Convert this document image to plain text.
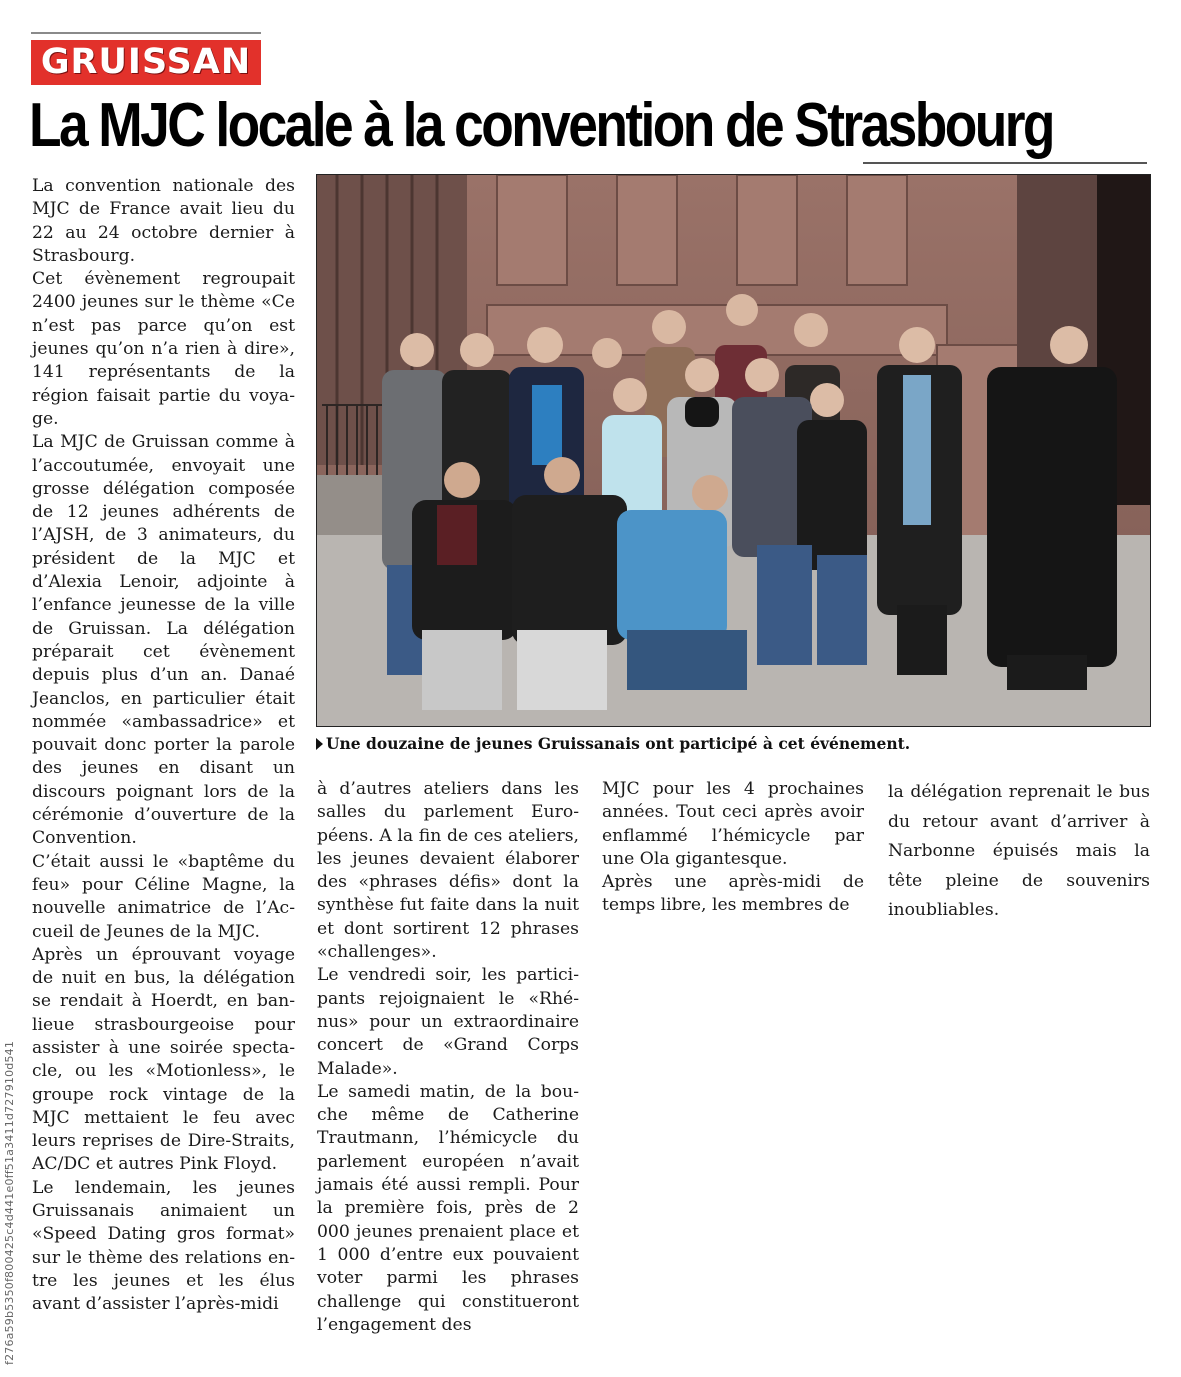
GRUISSAN
La MJC locale à la convention de Strasbourg

La convention nationale des MJC de France avait lieu du 22 au 24 octobre dernier à Strasbourg.

Cet évènement regroupait 2400 jeunes sur le thème «Ce n’est pas parce qu’on est jeunes qu’on n’a rien à dire», 141 représentants de la région faisait partie du voyage.

La MJC de Gruissan comme à l’accoutumée, envoyait une grosse délégation composée de 12 jeunes adhérents de l’AJSH, de 3 animateurs, du président de la MJC et d’Alexia Lenoir, adjointe à l’enfance jeunesse de la ville de Gruissan. La délégation préparait cet évènement depuis plus d’un an. Danaé Jeanclos, en particulier était nommée «ambassadrice» et pouvait donc porter la parole des jeunes en disant un discours poignant lors de la cérémonie d’ouverture de la Convention.

C’était aussi le «baptême du feu» pour Céline Magne, la nouvelle animatrice de l’Accueil de Jeunes de la MJC.

Après un éprouvant voyage de nuit en bus, la délégation se rendait à Hoerdt, en banlieue strasbourgeoise pour assister à une soirée spectacle, ou les «Motionless», le groupe rock vintage de la MJC mettaient le feu avec leurs reprises de Dire-Straits, AC/DC et autres Pink Floyd.

Le lendemain, les jeunes Gruissanais animaient un «Speed Dating gros format» sur le thème des relations entre les jeunes et les élus avant d’assister l’après-midi

Une douzaine de jeunes Gruissanais ont participé à cet événement.

à d’autres ateliers dans les salles du parlement Européens. A la fin de ces ateliers, les jeunes devaient élaborer des «phrases défis» dont la synthèse fut faite dans la nuit et dont sortirent 12 phrases «challenges».

Le vendredi soir, les participants rejoignaient le «Rhénus» pour un extraordinaire concert de «Grand Corps Malade».

Le samedi matin, de la bouche même de Catherine Trautmann, l’hémicycle du parlement européen n’avait jamais été aussi rempli. Pour la première fois, près de 2 000 jeunes prenaient place et 1 000 d’entre eux pouvaient voter parmi les phrases challenge qui constitueront l’engagement des

MJC pour les 4 prochaines années. Tout ceci après avoir enflammé l’hémicycle par une Ola gigantesque.

Après une après-midi de temps libre, les membres de

la délégation reprenait le bus du retour avant d’arriver à Narbonne épuisés mais la tête pleine de souvenirs inoubliables.

f276a59b5350f800425c4d441e0ff51a3411d727910d541
